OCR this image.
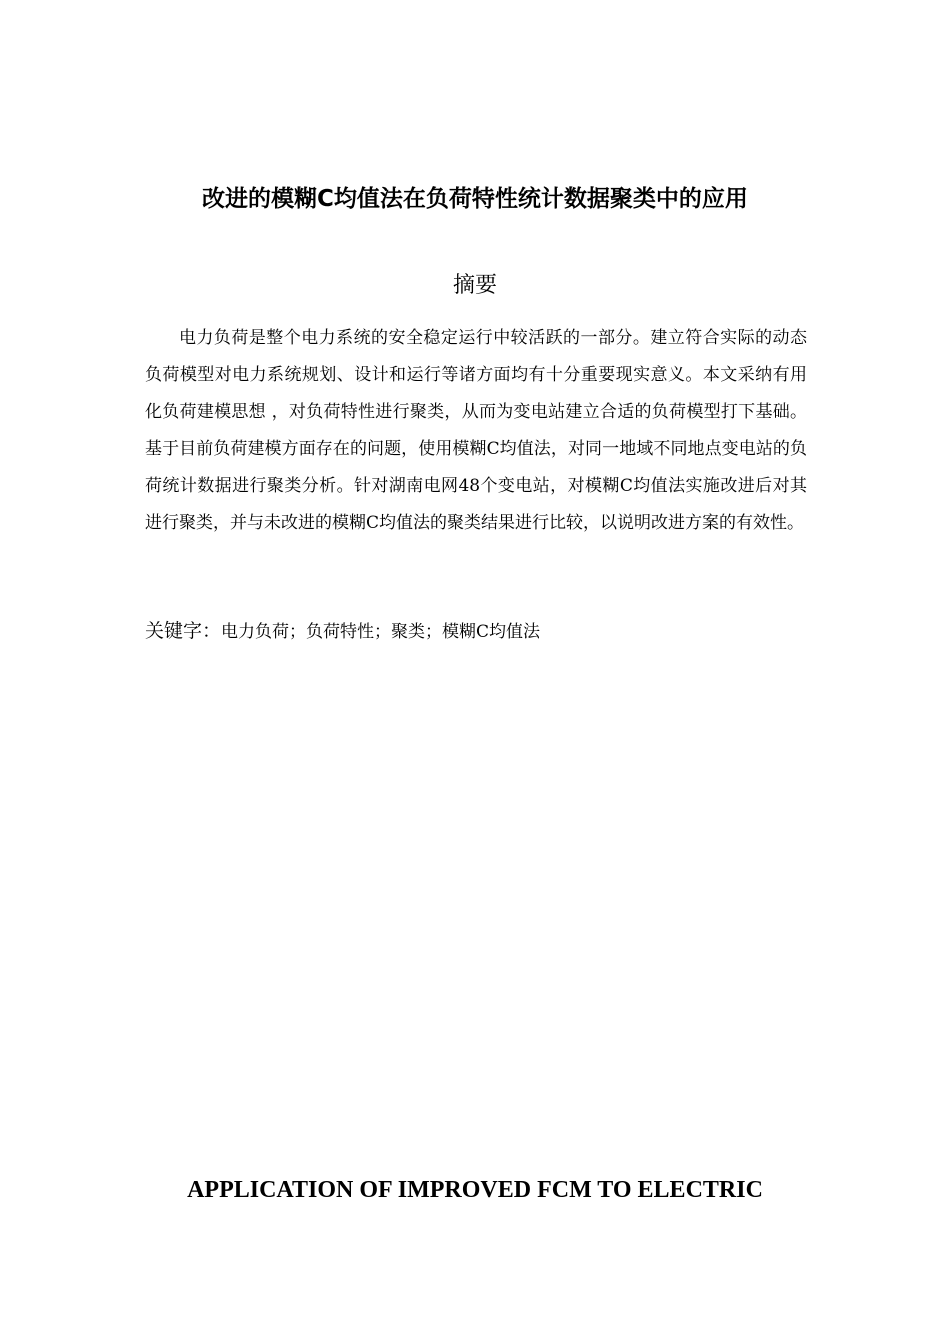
改进的模糊C均值法在负荷特性统计数据聚类中的应用
摘要

电力负荷是整个电力系统的安全稳定运行中较活跃的一部分。建立符合实际的动态负荷模型对电力系统规划、设计和运行等诸方面均有十分重要现实意义。本文采纳有用化负荷建模思想 ，对负荷特性进行聚类，从而为变电站建立合适的负荷模型打下基础。基于目前负荷建模方面存在的问题，使用模糊C均值法，对同一地域不同地点变电站的负荷统计数据进行聚类分析。针对湖南电网48个变电站，对模糊C均值法实施改进后对其进行聚类，并与未改进的模糊C均值法的聚类结果进行比较，以说明改进方案的有效性。

关键字：电力负荷；负荷特性；聚类；模糊C均值法
APPLICATION OF IMPROVED FCM TO ELECTRIC
